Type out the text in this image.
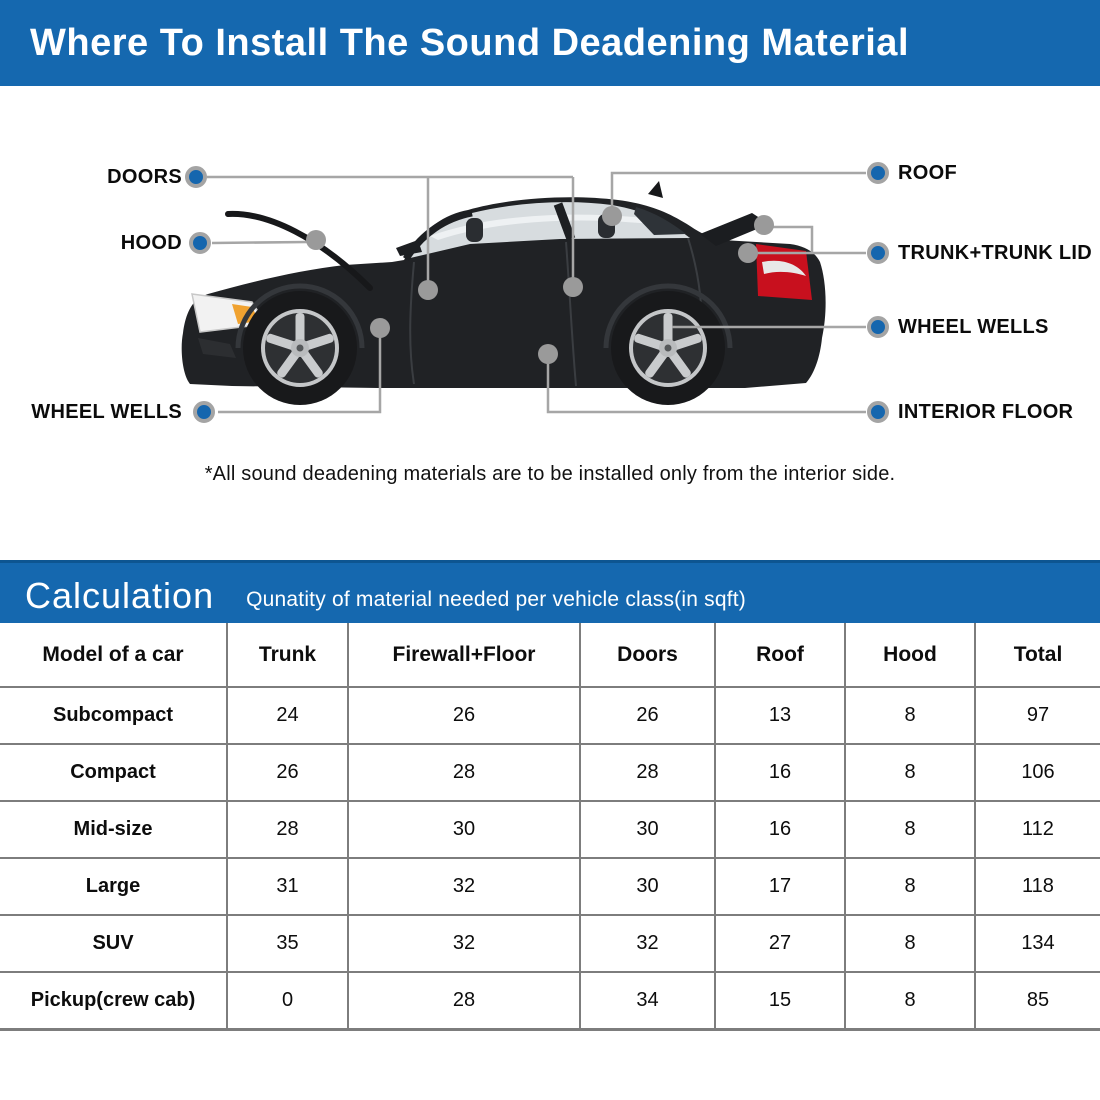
Where To Install The Sound Deadening Material
DOORS
HOOD
WHEEL WELLS
ROOF
TRUNK+TRUNK LID
WHEEL WELLS
INTERIOR FLOOR

*All sound deadening materials are to be installed only from the interior side.

Calculation Qunatity of material needed per vehicle class(in sqft)
Model of a car	Trunk	Firewall+Floor	Doors	Roof	Hood	Total
Subcompact	24	26	26	13	8	97
Compact	26	28	28	16	8	106
Mid-size	28	30	30	16	8	112
Large	31	32	30	17	8	118
SUV	35	32	32	27	8	134
Pickup(crew cab)	0	28	34	15	8	85
